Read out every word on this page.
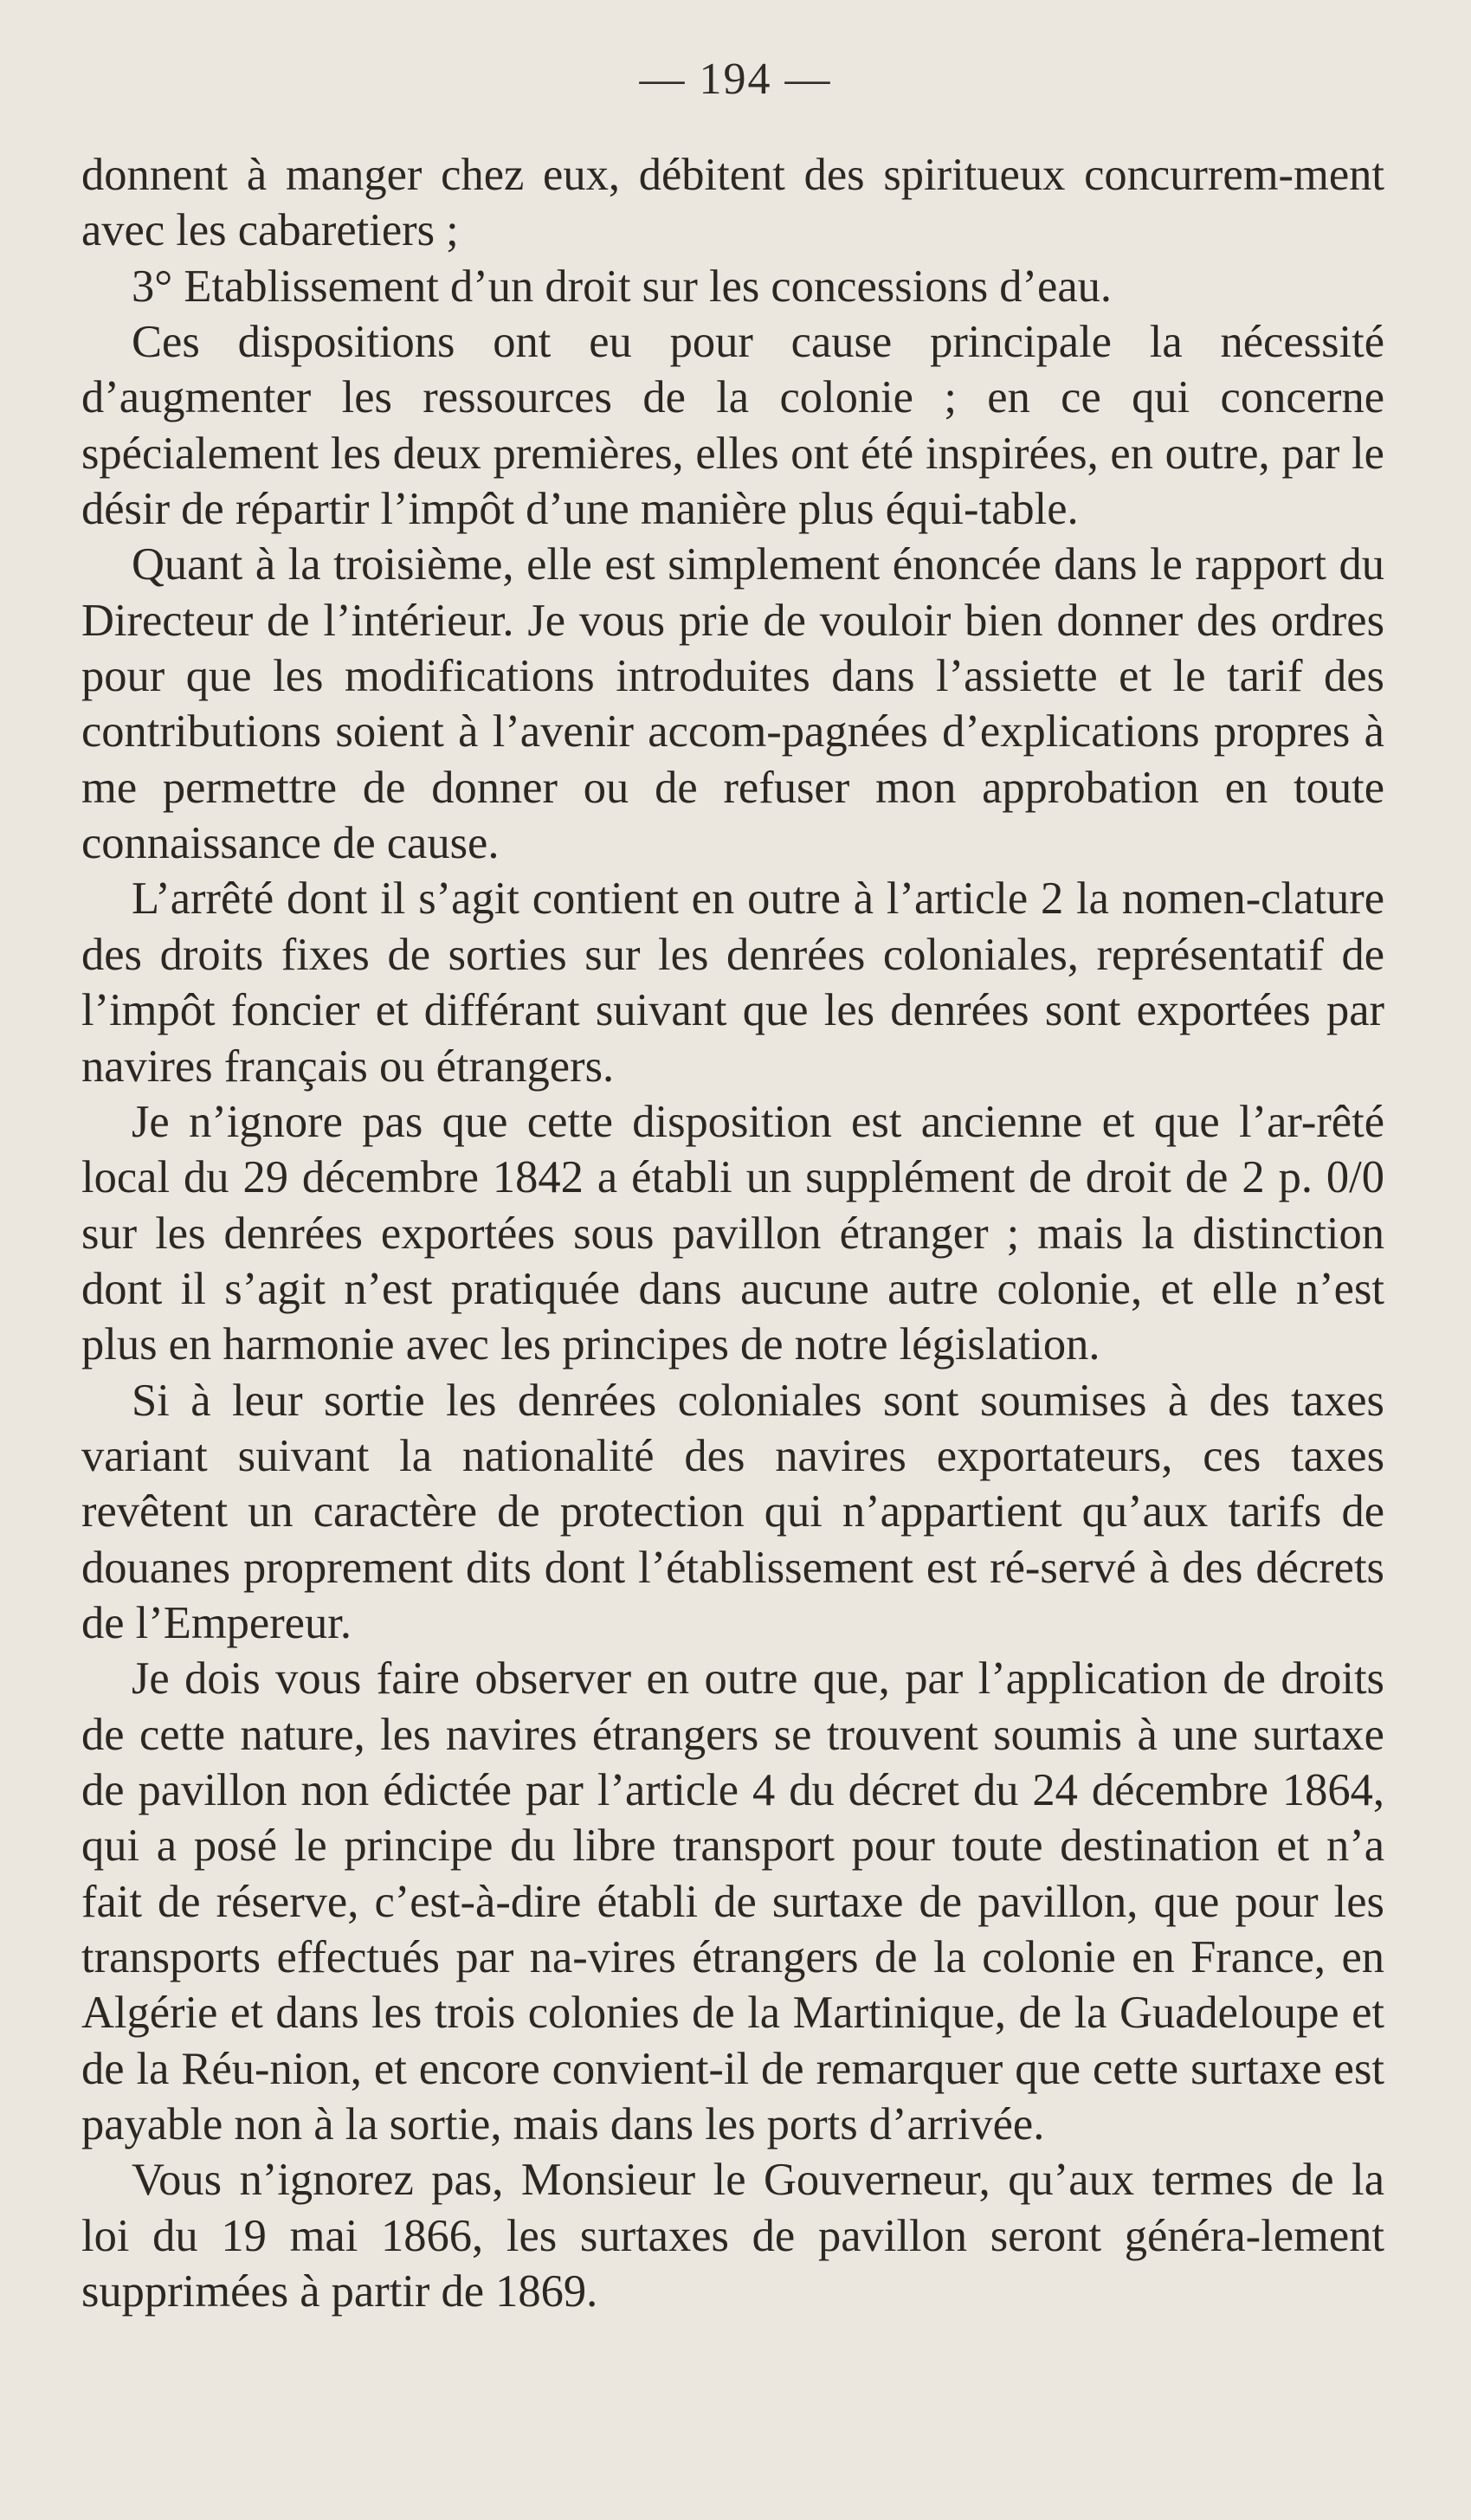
— 194 —

donnent à manger chez eux, débitent des spiritueux concurrem-ment avec les cabaretiers ;

3° Etablissement d’un droit sur les concessions d’eau.

Ces dispositions ont eu pour cause principale la nécessité d’augmenter les ressources de la colonie ; en ce qui concerne spécialement les deux premières, elles ont été inspirées, en outre, par le désir de répartir l’impôt d’une manière plus équi-table.

Quant à la troisième, elle est simplement énoncée dans le rapport du Directeur de l’intérieur. Je vous prie de vouloir bien donner des ordres pour que les modifications introduites dans l’assiette et le tarif des contributions soient à l’avenir accom-pagnées d’explications propres à me permettre de donner ou de refuser mon approbation en toute connaissance de cause.

L’arrêté dont il s’agit contient en outre à l’article 2 la nomen-clature des droits fixes de sorties sur les denrées coloniales, représentatif de l’impôt foncier et différant suivant que les denrées sont exportées par navires français ou étrangers.

Je n’ignore pas que cette disposition est ancienne et que l’ar-rêté local du 29 décembre 1842 a établi un supplément de droit de 2 p. 0/0 sur les denrées exportées sous pavillon étranger ; mais la distinction dont il s’agit n’est pratiquée dans aucune autre colonie, et elle n’est plus en harmonie avec les principes de notre législation.

Si à leur sortie les denrées coloniales sont soumises à des taxes variant suivant la nationalité des navires exportateurs, ces taxes revêtent un caractère de protection qui n’appartient qu’aux tarifs de douanes proprement dits dont l’établissement est ré-servé à des décrets de l’Empereur.

Je dois vous faire observer en outre que, par l’application de droits de cette nature, les navires étrangers se trouvent soumis à une surtaxe de pavillon non édictée par l’article 4 du décret du 24 décembre 1864, qui a posé le principe du libre transport pour toute destination et n’a fait de réserve, c’est-à-dire établi de surtaxe de pavillon, que pour les transports effectués par na-vires étrangers de la colonie en France, en Algérie et dans les trois colonies de la Martinique, de la Guadeloupe et de la Réu-nion, et encore convient-il de remarquer que cette surtaxe est payable non à la sortie, mais dans les ports d’arrivée.

Vous n’ignorez pas, Monsieur le Gouverneur, qu’aux termes de la loi du 19 mai 1866, les surtaxes de pavillon seront généra-lement supprimées à partir de 1869.
